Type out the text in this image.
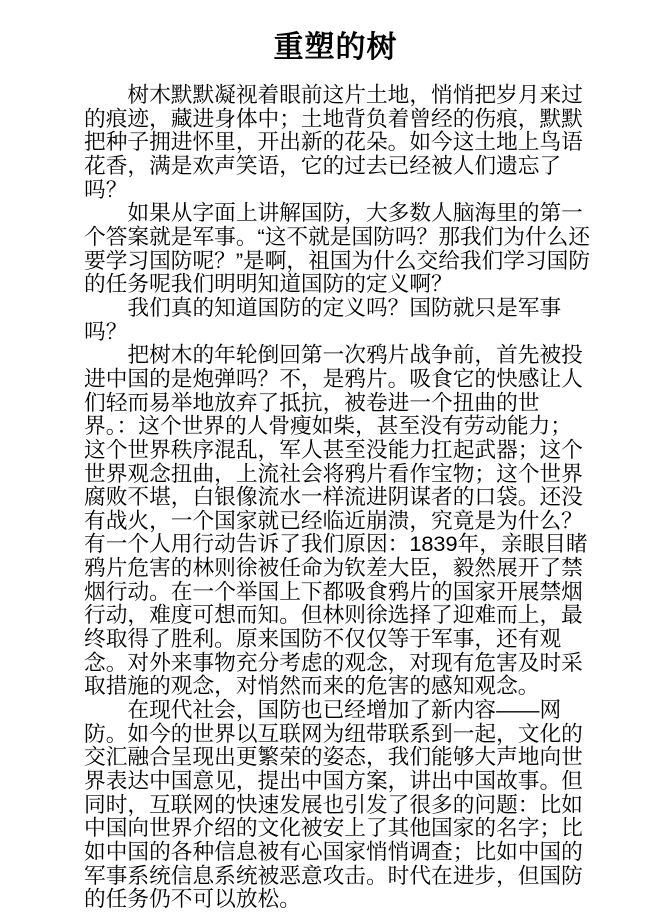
重塑的树

树木默默凝视着眼前这片土地，悄悄把岁月来过的痕迹，藏进身体中；土地背负着曾经的伤痕，默默把种子拥进怀里，开出新的花朵。如今这土地上鸟语花香，满是欢声笑语，它的过去已经被人们遗忘了吗？

如果从字面上讲解国防，大多数人脑海里的第一个答案就是军事。“这不就是国防吗？那我们为什么还要学习国防呢？”是啊，祖国为什么交给我们学习国防的任务呢我们明明知道国防的定义啊？

我们真的知道国防的定义吗？国防就只是军事吗？

把树木的年轮倒回第一次鸦片战争前，首先被投进中国的是炮弹吗？不，是鸦片。吸食它的快感让人们轻而易举地放弃了抵抗，被卷进一个扭曲的世界。：这个世界的人骨瘦如柴，甚至没有劳动能力；这个世界秩序混乱，军人甚至没能力扛起武器；这个世界观念扭曲，上流社会将鸦片看作宝物；这个世界腐败不堪，白银像流水一样流进阴谋者的口袋。还没有战火，一个国家就已经临近崩溃，究竟是为什么？有一个人用行动告诉了我们原因：1839年，亲眼目睹鸦片危害的林则徐被任命为钦差大臣，毅然展开了禁烟行动。在一个举国上下都吸食鸦片的国家开展禁烟行动，难度可想而知。但林则徐选择了迎难而上，最终取得了胜利。原来国防不仅仅等于军事，还有观念。对外来事物充分考虑的观念，对现有危害及时采取措施的观念，对悄然而来的危害的感知观念。

在现代社会，国防也已经增加了新内容——网防。如今的世界以互联网为纽带联系到一起，文化的交汇融合呈现出更繁荣的姿态，我们能够大声地向世界表达中国意见，提出中国方案，讲出中国故事。但同时，互联网的快速发展也引发了很多的问题：比如中国向世界介绍的文化被安上了其他国家的名字；比如中国的各种信息被有心国家悄悄调查；比如中国的军事系统信息系统被恶意攻击。时代在进步，但国防的任务仍不可以放松。
